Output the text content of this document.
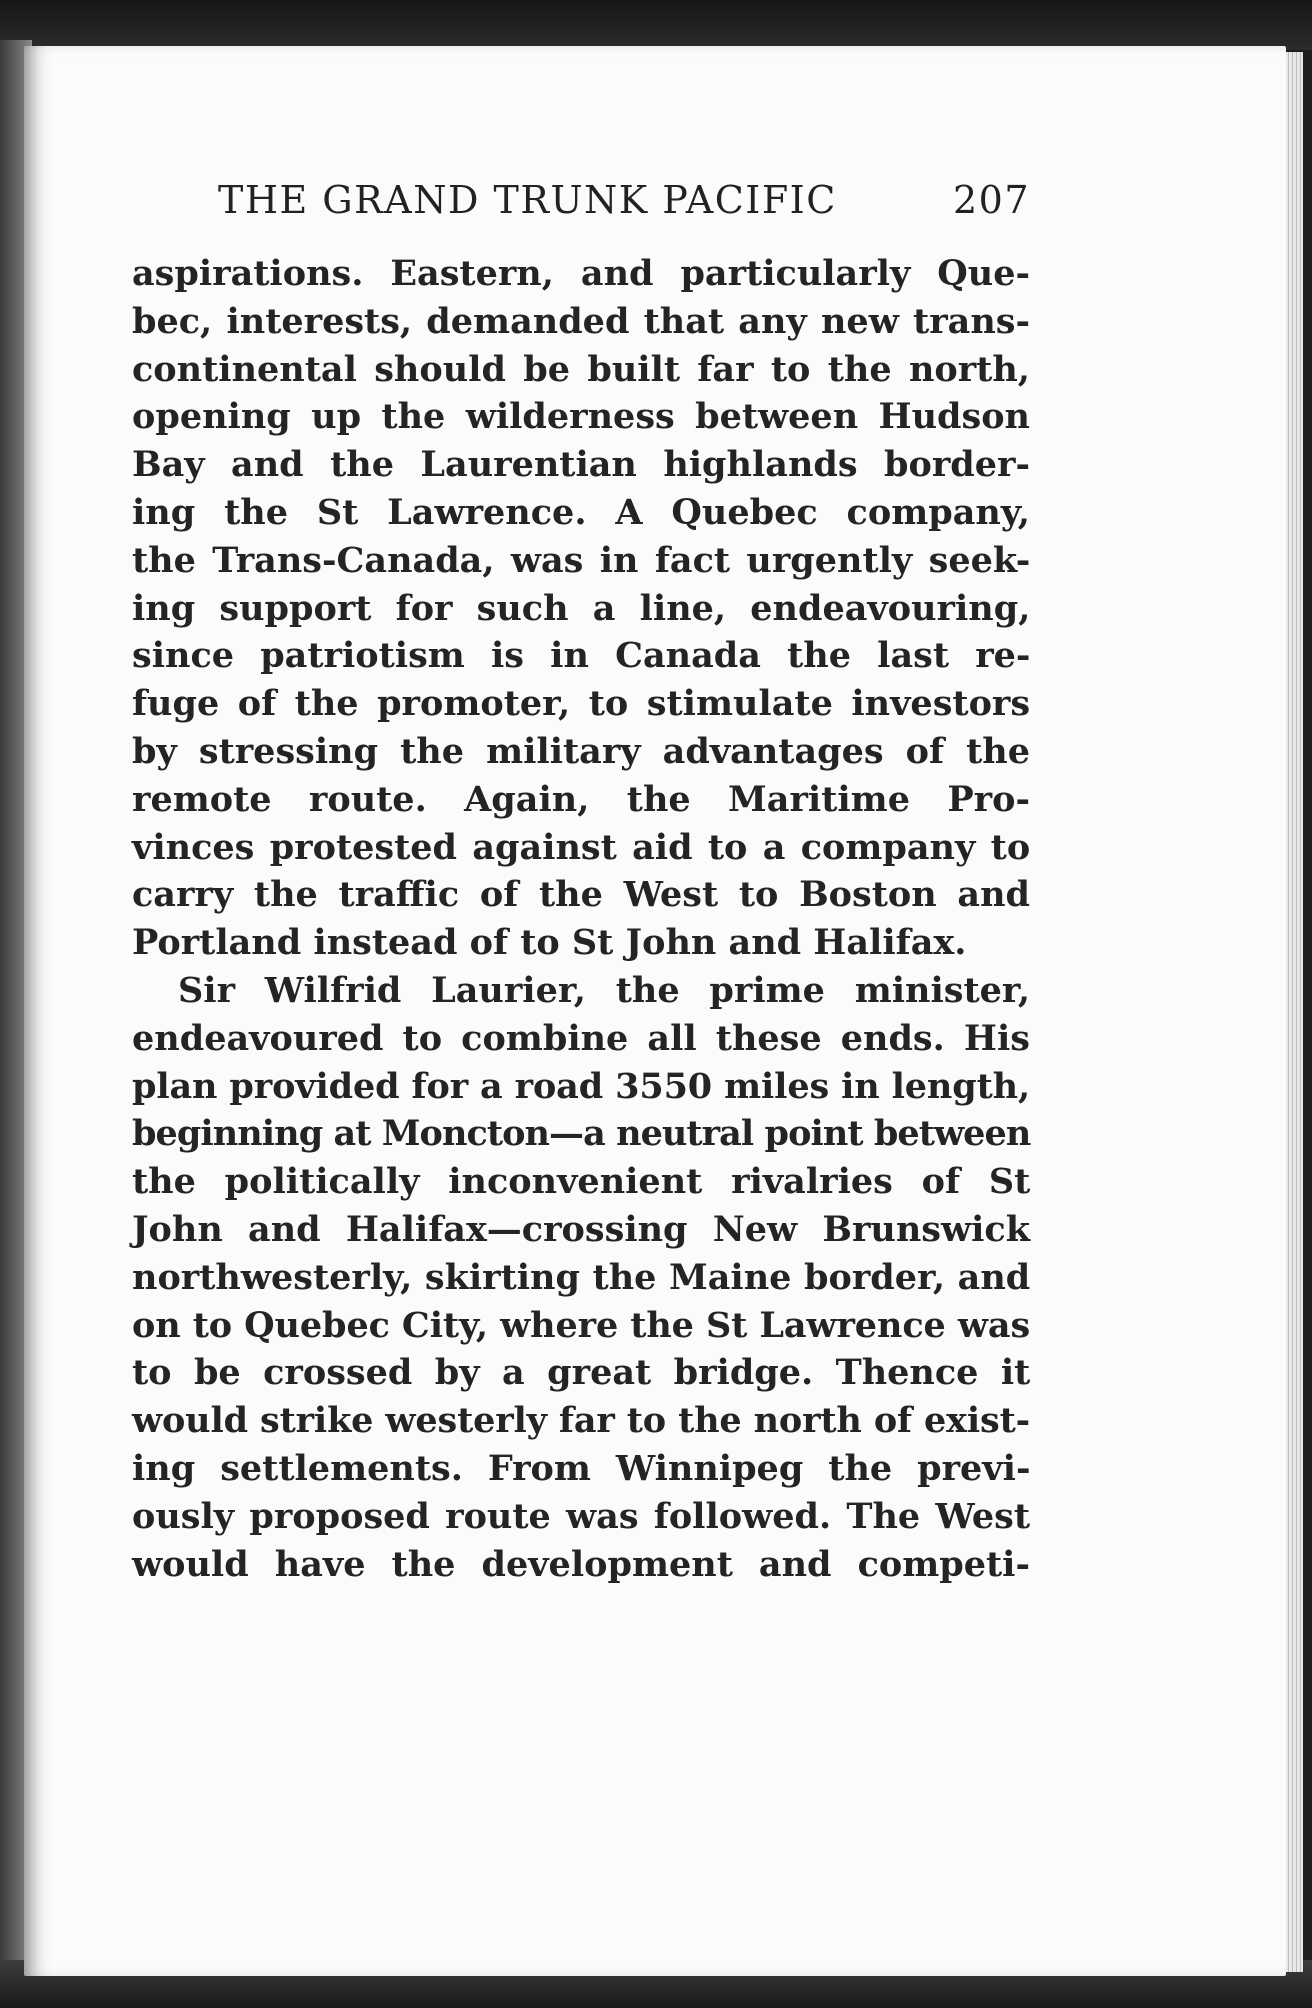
THE GRAND TRUNK PACIFIC	207
aspirations. Eastern, and particularly Que-
bec, interests, demanded that any new trans-
continental should be built far to the north,
opening up the wilderness between Hudson
Bay and the Laurentian highlands border-
ing the St Lawrence. A Quebec company,
the Trans-Canada, was in fact urgently seek-
ing support for such a line, endeavouring,
since patriotism is in Canada the last re-
fuge of the promoter, to stimulate investors
by stressing the military advantages of the
remote route. Again, the Maritime Pro-
vinces protested against aid to a company to
carry the traffic of the West to Boston and
Portland instead of to St John and Halifax.
Sir Wilfrid Laurier, the prime minister,
endeavoured to combine all these ends. His
plan provided for a road 3550 miles in length,
beginning at Moncton—a neutral point between
the politically inconvenient rivalries of St
John and Halifax—crossing New Brunswick
northwesterly, skirting the Maine border, and
on to Quebec City, where the St Lawrence was
to be crossed by a great bridge. Thence it
would strike westerly far to the north of exist-
ing settlements. From Winnipeg the previ-
ously proposed route was followed. The West
would have the development and competi-
